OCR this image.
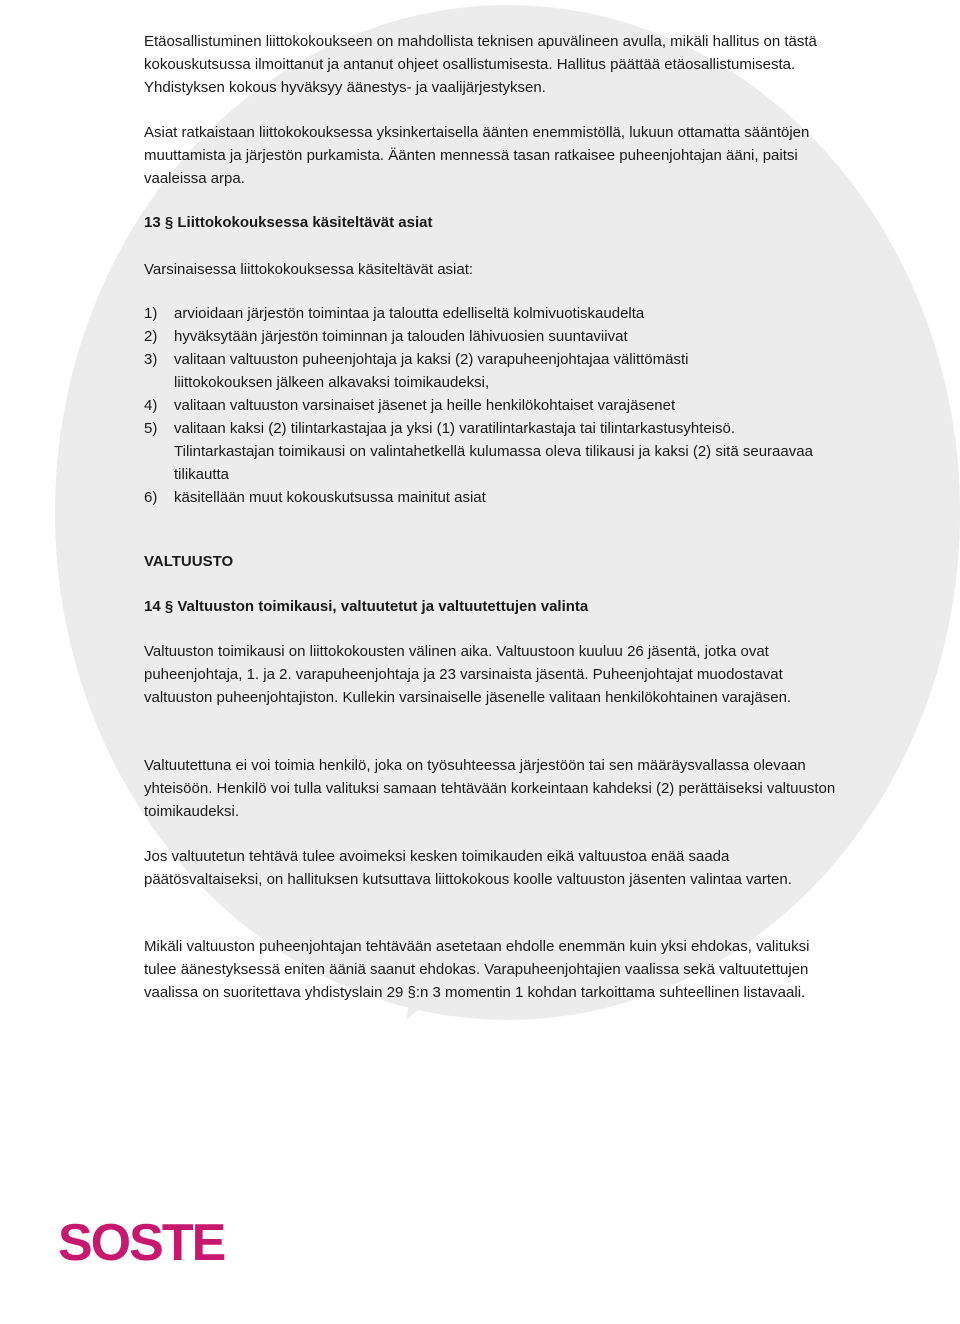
Etäosallistuminen liittokokoukseen on mahdollista teknisen apuvälineen avulla, mikäli hallitus on tästä kokouskutsussa ilmoittanut ja antanut ohjeet osallistumisesta. Hallitus päättää etäosallistumisesta. Yhdistyksen kokous hyväksyy äänestys- ja vaalijärjestyksen.
Asiat ratkaistaan liittokokouksessa yksinkertaisella äänten enemmistöllä, lukuun ottamatta sääntöjen muuttamista ja järjestön purkamista. Äänten mennessä tasan ratkaisee puheenjohtajan ääni, paitsi vaaleissa arpa.
13 § Liittokokouksessa käsiteltävät asiat
Varsinaisessa liittokokouksessa käsiteltävät asiat:
1)	arvioidaan järjestön toimintaa ja taloutta edelliseltä kolmivuotiskaudelta
2)	hyväksytään järjestön toiminnan ja talouden lähivuosien suuntaviivat
3)	valitaan valtuuston puheenjohtaja ja kaksi (2) varapuheenjohtajaa välittömästi liittokokouksen jälkeen alkavaksi toimikaudeksi,
4)	valitaan valtuuston varsinaiset jäsenet ja heille henkilökohtaiset varajäsenet
5)	valitaan kaksi (2) tilintarkastajaa ja yksi (1) varatilintarkastaja tai tilintarkastusyhteisö. Tilintarkastajan toimikausi on valintahetkellä kulumassa oleva tilikausi ja kaksi (2) sitä seuraavaa tilikautta
6)	käsitellään muut kokouskutsussa mainitut asiat
VALTUUSTO
14 § Valtuuston toimikausi, valtuutetut ja valtuutettujen valinta
Valtuuston toimikausi on liittokokousten välinen aika. Valtuustoon kuuluu 26 jäsentä, jotka ovat puheenjohtaja, 1. ja 2. varapuheenjohtaja ja 23 varsinaista jäsentä. Puheenjohtajat muodostavat valtuuston puheenjohtajiston. Kullekin varsinaiselle jäsenelle valitaan henkilökohtainen varajäsen.
Valtuutettuna ei voi toimia henkilö, joka on työsuhteessa järjestöön tai sen määräysvallassa olevaan yhteisöön. Henkilö voi tulla valituksi samaan tehtävään korkeintaan kahdeksi (2) perättäiseksi valtuuston toimikaudeksi.
Jos valtuutetun tehtävä tulee avoimeksi kesken toimikauden eikä valtuustoa enää saada päätösvaltaiseksi, on hallituksen kutsuttava liittokokous koolle valtuuston jäsenten valintaa varten.
Mikäli valtuuston puheenjohtajan tehtävään asetetaan ehdolle enemmän kuin yksi ehdokas, valituksi tulee äänestyksessä eniten ääniä saanut ehdokas. Varapuheenjohtajien vaalissa sekä valtuutettujen vaalissa on suoritettava yhdistyslain 29 §:n 3 momentin 1 kohdan tarkoittama suhteellinen listavaali.
SOSTE
